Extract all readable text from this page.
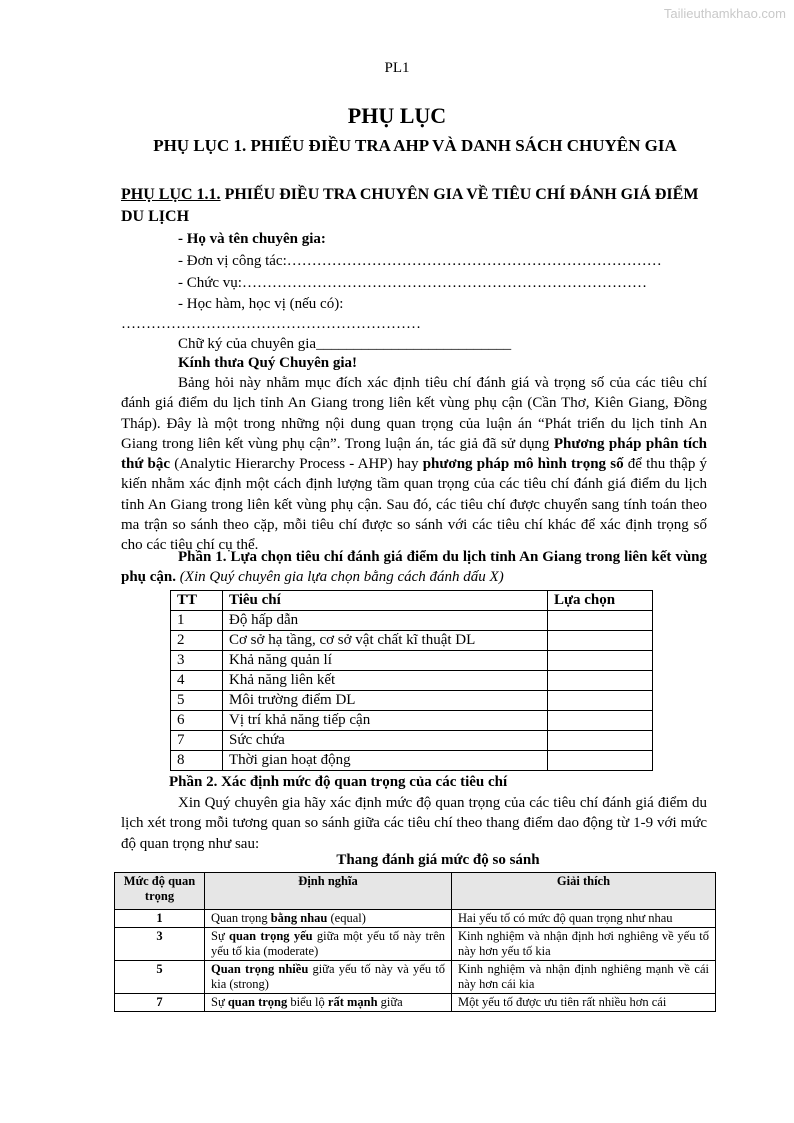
Tailieuthamkhao.com
PL1
PHỤ LỤC
PHỤ LỤC 1. PHIẾU ĐIỀU TRA AHP VÀ DANH SÁCH CHUYÊN GIA
PHỤ LỤC 1.1. PHIẾU ĐIỀU TRA CHUYÊN GIA VỀ TIÊU CHÍ ĐÁNH GIÁ ĐIỂM DU LỊCH
- Họ và tên chuyên gia:
- Đơn vị công tác:…………………………………………………………………
- Chức vụ:………………………………………………………………………
- Học hàm, học vị (nếu có):
……………………………………………………
Chữ ký của chuyên gia__________________________
Kính thưa Quý Chuyên gia!
Bảng hỏi này nhằm mục đích xác định tiêu chí đánh giá và trọng số của các tiêu chí đánh giá điểm du lịch tỉnh An Giang trong liên kết vùng phụ cận (Cần Thơ, Kiên Giang, Đồng Tháp). Đây là một trong những nội dung quan trọng của luận án “Phát triển du lịch tỉnh An Giang trong liên kết vùng phụ cận”. Trong luận án, tác giả đã sử dụng Phương pháp phân tích thứ bậc (Analytic Hierarchy Process - AHP) hay phương pháp mô hình trọng số để thu thập ý kiến nhằm xác định một cách định lượng tầm quan trọng của các tiêu chí đánh giá điểm du lịch tỉnh An Giang trong liên kết vùng phụ cận. Sau đó, các tiêu chí được chuyển sang tính toán theo ma trận so sánh theo cặp, mỗi tiêu chí được so sánh với các tiêu chí khác để xác định trọng số cho các tiêu chí cụ thể.
Phần 1. Lựa chọn tiêu chí đánh giá điểm du lịch tỉnh An Giang trong liên kết vùng phụ cận. (Xin Quý chuyên gia lựa chọn bằng cách đánh dấu X)
TT	Tiêu chí	Lựa chọn
1	Độ hấp dẫn	
2	Cơ sở hạ tầng, cơ sở vật chất kĩ thuật DL	
3	Khả năng quản lí	
4	Khả năng liên kết	
5	Môi trường điểm DL	
6	Vị trí khả năng tiếp cận	
7	Sức chứa	
8	Thời gian hoạt động	
Phần 2. Xác định mức độ quan trọng của các tiêu chí
Xin Quý chuyên gia hãy xác định mức độ quan trọng của các tiêu chí đánh giá điểm du lịch xét trong mỗi tương quan so sánh giữa các tiêu chí theo thang điểm dao động từ 1-9 với mức độ quan trọng như sau:
Thang đánh giá mức độ so sánh
Mức độ quan trọng	Định nghĩa	Giải thích
1	Quan trọng bằng nhau (equal)	Hai yếu tố có mức độ quan trọng như nhau
3	Sự quan trọng yếu giữa một yếu tố này trên yếu tố kia (moderate)	Kinh nghiệm và nhận định hơi nghiêng về yếu tố này hơn yếu tố kia
5	Quan trọng nhiều giữa yếu tố này và yếu tố kia (strong)	Kinh nghiệm và nhận định nghiêng mạnh về cái này hơn cái kia
7	Sự quan trọng biểu lộ rất mạnh giữa	Một yếu tố được ưu tiên rất nhiều hơn cái
